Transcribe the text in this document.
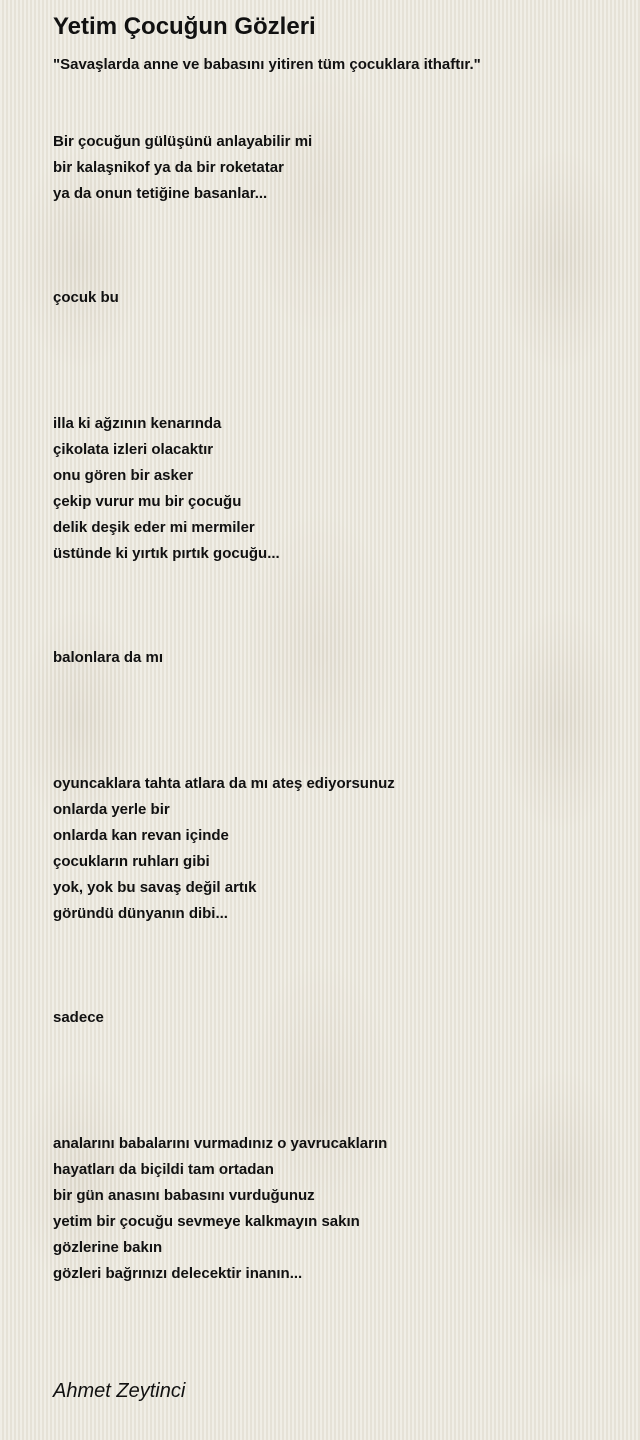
Yetim Çocuğun Gözleri
"Savaşlarda anne ve babasını yitiren tüm çocuklara ithaftır."
Bir çocuğun gülüşünü anlayabilir mi
bir kalaşnikof ya da bir roketatar
ya da onun tetiğine basanlar...
çocuk bu
illa ki ağzının kenarında
çikolata izleri olacaktır
onu gören bir asker
çekip vurur mu bir çocuğu
delik deşik eder mi mermiler
üstünde ki yırtık pırtık gocuğu...
balonlara da mı
oyuncaklara tahta atlara da mı ateş ediyorsunuz
onlarda yerle bir
onlarda kan revan içinde
çocukların ruhları gibi
yok, yok bu savaş değil artık
göründü dünyanın dibi...
sadece
analarını babalarını vurmadınız o yavrucakların
hayatları da biçildi tam ortadan
bir gün anasını babasını vurduğunuz
yetim bir çocuğu sevmeye kalkmayın sakın
gözlerine bakın
gözleri bağrınızı delecektir inanın...
Ahmet Zeytinci
